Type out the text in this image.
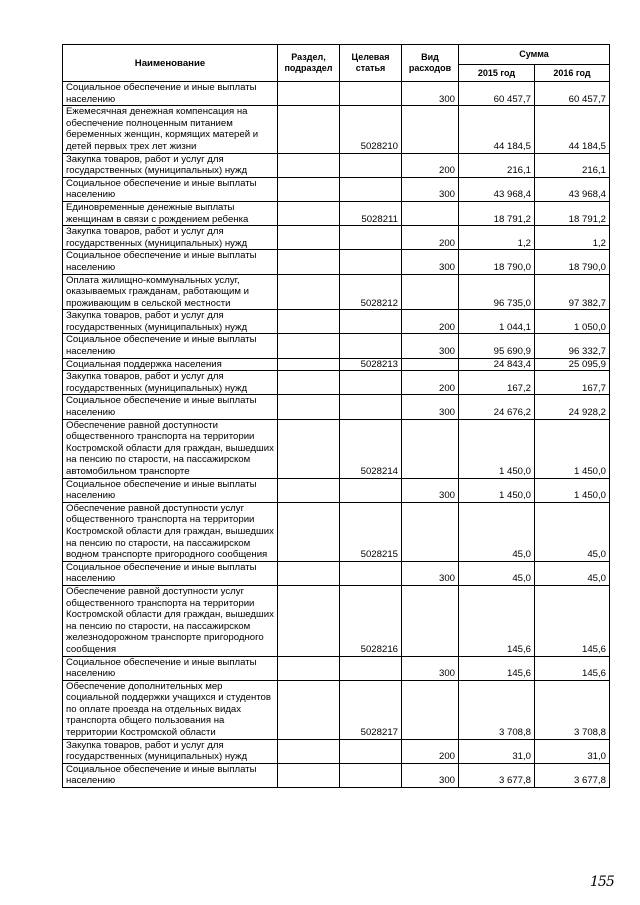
Наименование	Раздел, подраздел	Целевая статья	Вид расходов	Сумма	
				2015 год	2016 год
Социальное обеспечение и иные выплаты населению			300	60 457,7	60 457,7
Ежемесячная денежная компенсация на обеспечение полноценным питанием беременных женщин, кормящих матерей и детей первых трех лет жизни		5028210		44 184,5	44 184,5
Закупка товаров, работ и услуг для государственных (муниципальных) нужд			200	216,1	216,1
Социальное обеспечение и иные выплаты населению			300	43 968,4	43 968,4
Единовременные денежные выплаты женщинам в связи с рождением ребенка		5028211		18 791,2	18 791,2
Закупка товаров, работ и услуг для государственных (муниципальных) нужд			200	1,2	1,2
Социальное обеспечение и иные выплаты населению			300	18 790,0	18 790,0
Оплата жилищно-коммунальных услуг, оказываемых гражданам, работающим и проживающим в сельской местности		5028212		96 735,0	97 382,7
Закупка товаров, работ и услуг для государственных (муниципальных) нужд			200	1 044,1	1 050,0
Социальное обеспечение и иные выплаты населению			300	95 690,9	96 332,7
Социальная поддержка населения		5028213		24 843,4	25 095,9
Закупка товаров, работ и услуг для государственных (муниципальных) нужд			200	167,2	167,7
Социальное обеспечение и иные выплаты населению			300	24 676,2	24 928,2
Обеспечение равной доступности общественного транспорта на территории Костромской области для граждан, вышедших на пенсию по старости, на пассажирском автомобильном транспорте		5028214		1 450,0	1 450,0
Социальное обеспечение и иные выплаты населению			300	1 450,0	1 450,0
Обеспечение равной доступности услуг общественного транспорта на территории Костромской области для граждан, вышедших на пенсию по старости, на пассажирском водном транспорте пригородного сообщения		5028215		45,0	45,0
Социальное обеспечение и иные выплаты населению			300	45,0	45,0
Обеспечение равной доступности услуг общественного транспорта на территории Костромской области для граждан, вышедших на пенсию по старости, на пассажирском железнодорожном транспорте пригородного сообщения		5028216		145,6	145,6
Социальное обеспечение и иные выплаты населению			300	145,6	145,6
Обеспечение дополнительных мер социальной поддержки учащихся и студентов по оплате проезда на отдельных видах транспорта общего пользования на территории Костромской области		5028217		3 708,8	3 708,8
Закупка товаров, работ и услуг для государственных (муниципальных) нужд			200	31,0	31,0
Социальное обеспечение и иные выплаты населению			300	3 677,8	3 677,8
155
